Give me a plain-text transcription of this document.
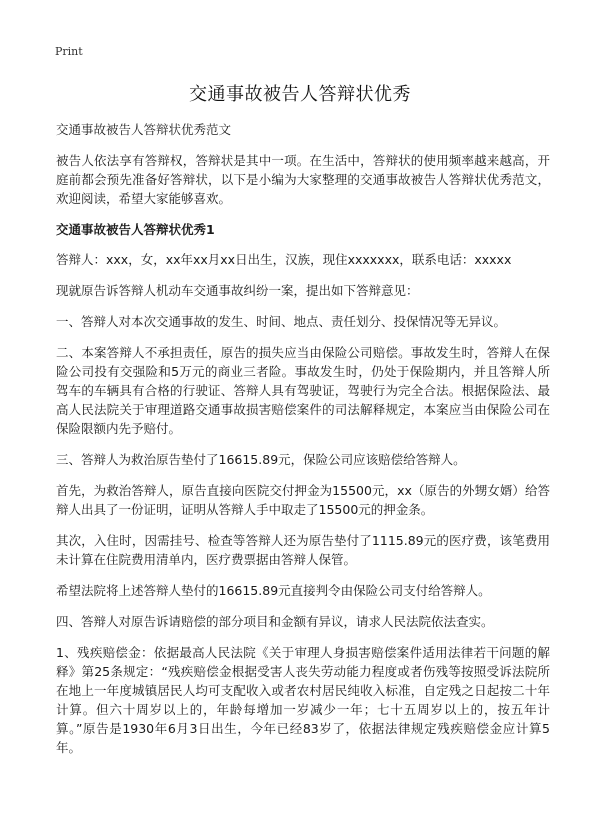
Print
交通事故被告人答辩状优秀

交通事故被告人答辩状优秀范文

被告人依法享有答辩权，答辩状是其中一项。在生活中，答辩状的使用频率越来越高，开庭前都会预先准备好答辩状，以下是小编为大家整理的交通事故被告人答辩状优秀范文，欢迎阅读，希望大家能够喜欢。

交通事故被告人答辩状优秀1

答辩人：xxx，女，xx年xx月xx日出生，汉族，现住xxxxxxx，联系电话：xxxxx

现就原告诉答辩人机动车交通事故纠纷一案，提出如下答辩意见：

一、答辩人对本次交通事故的发生、时间、地点、责任划分、投保情况等无异议。

二、本案答辩人不承担责任，原告的损失应当由保险公司赔偿。事故发生时，答辩人在保险公司投有交强险和5万元的商业三者险。事故发生时，仍处于保险期内，并且答辩人所驾车的车辆具有合格的行驶证、答辩人具有驾驶证，驾驶行为完全合法。根据保险法、最高人民法院关于审理道路交通事故损害赔偿案件的司法解释规定，本案应当由保险公司在保险限额内先予赔付。

三、答辩人为救治原告垫付了16615.89元，保险公司应该赔偿给答辩人。

首先，为救治答辩人，原告直接向医院交付押金为15500元，xx（原告的外甥女婿）给答辩人出具了一份证明，证明从答辩人手中取走了15500元的押金条。

其次，入住时，因需挂号、检查等答辩人还为原告垫付了1115.89元的医疗费，该笔费用未计算在住院费用清单内，医疗费票据由答辩人保管。

希望法院将上述答辩人垫付的16615.89元直接判令由保险公司支付给答辩人。

四、答辩人对原告诉请赔偿的部分项目和金额有异议，请求人民法院依法查实。

1、残疾赔偿金：依据最高人民法院《关于审理人身损害赔偿案件适用法律若干问题的解释》第25条规定：“残疾赔偿金根据受害人丧失劳动能力程度或者伤残等按照受诉法院所在地上一年度城镇居民人均可支配收入或者农村居民纯收入标准，自定残之日起按二十年计算。但六十周岁以上的，年龄每增加一岁减少一年；七十五周岁以上的，按五年计算。”原告是1930年6月3日出生，今年已经83岁了，依据法律规定残疾赔偿金应计算5年。
